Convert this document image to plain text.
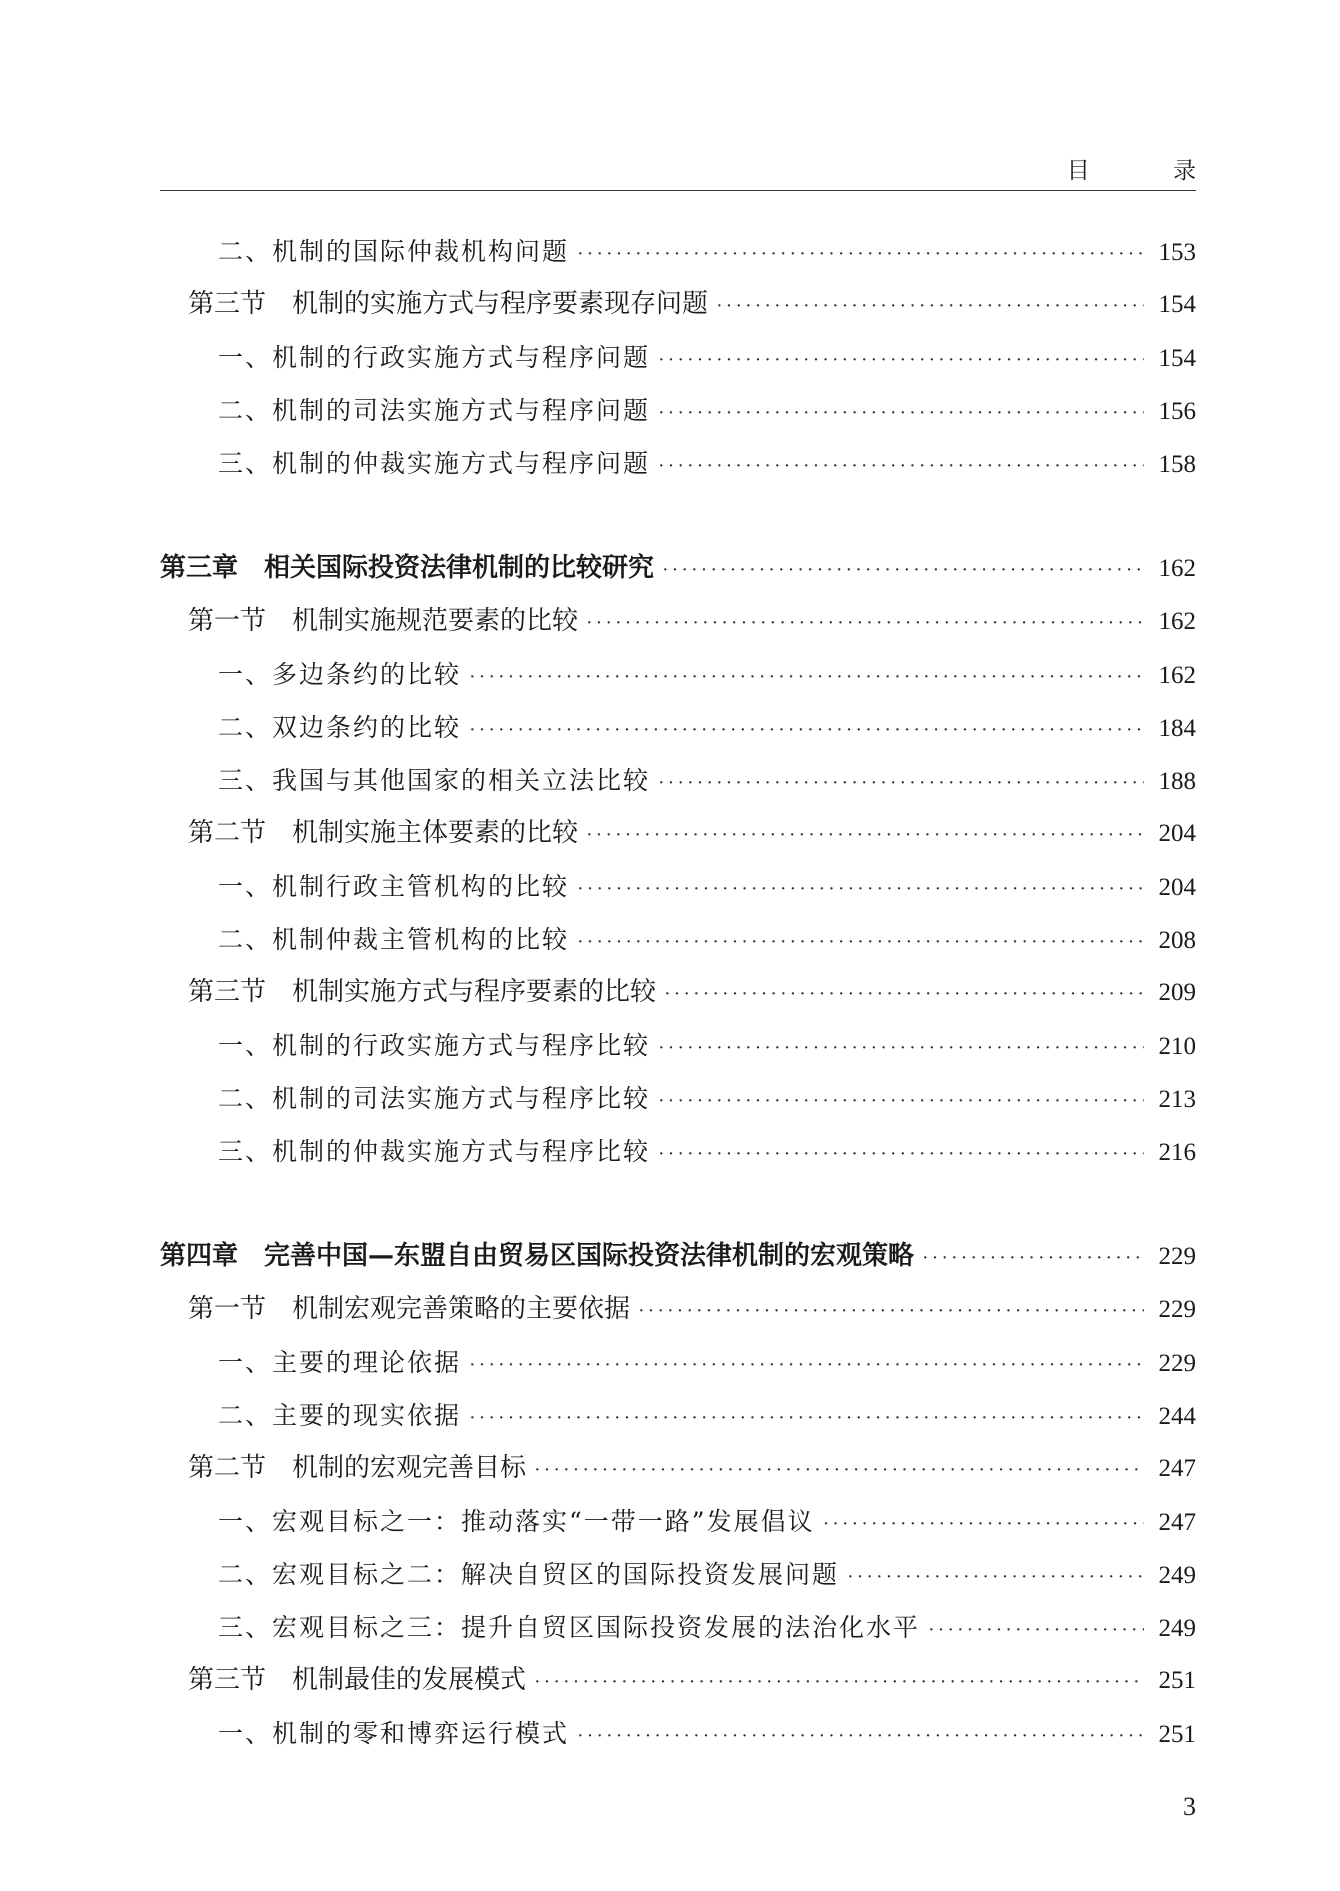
目 录
二、机制的国际仲裁机构问题 ·····	153
第三节　机制的实施方式与程序要素现存问题 ·····	154
一、机制的行政实施方式与程序问题 ·····	154
二、机制的司法实施方式与程序问题 ·····	156
三、机制的仲裁实施方式与程序问题 ·····	158
第三章　相关国际投资法律机制的比较研究 ·····	162
第一节　机制实施规范要素的比较 ·····	162
一、多边条约的比较 ·····	162
二、双边条约的比较 ·····	184
三、我国与其他国家的相关立法比较 ·····	188
第二节　机制实施主体要素的比较 ·····	204
一、机制行政主管机构的比较 ·····	204
二、机制仲裁主管机构的比较 ·····	208
第三节　机制实施方式与程序要素的比较 ·····	209
一、机制的行政实施方式与程序比较 ·····	210
二、机制的司法实施方式与程序比较 ·····	213
三、机制的仲裁实施方式与程序比较 ·····	216
第四章　完善中国—东盟自由贸易区国际投资法律机制的宏观策略 ·····	229
第一节　机制宏观完善策略的主要依据 ·····	229
一、主要的理论依据 ·····	229
二、主要的现实依据 ·····	244
第二节　机制的宏观完善目标 ·····	247
一、宏观目标之一：推动落实“一带一路”发展倡议 ·····	247
二、宏观目标之二：解决自贸区的国际投资发展问题 ·····	249
三、宏观目标之三：提升自贸区国际投资发展的法治化水平 ·····	249
第三节　机制最佳的发展模式 ·····	251
一、机制的零和博弈运行模式 ·····	251
3
